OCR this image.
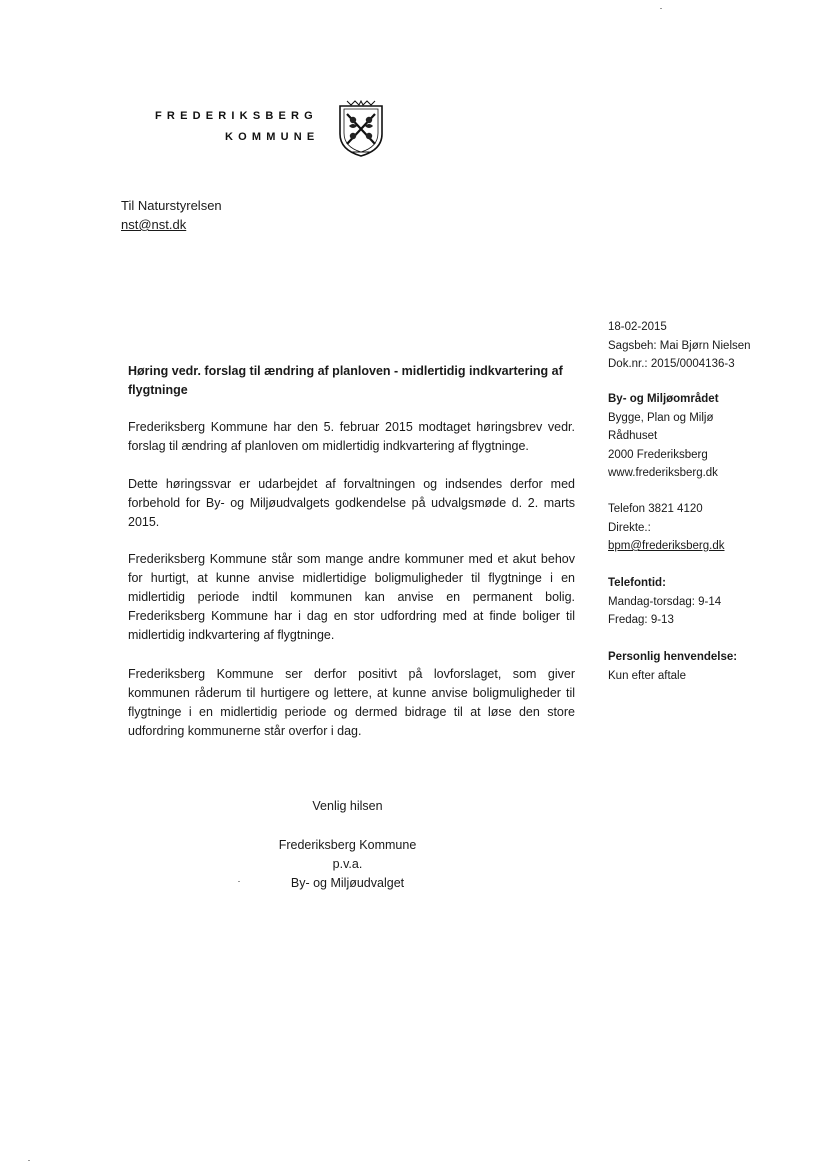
FREDERIKSBERG
KOMMUNE
Til Naturstyrelsen
nst@nst.dk
18-02-2015
Sagsbeh: Mai Bjørn Nielsen
Dok.nr.: 2015/0004136-3
By- og Miljøområdet
Bygge, Plan og Miljø
Rådhuset
2000 Frederiksberg
www.frederiksberg.dk
Telefon 3821 4120
Direkte.:
bpm@frederiksberg.dk
Telefontid:
Mandag-torsdag: 9-14
Fredag: 9-13
Personlig henvendelse:
Kun efter aftale
Høring vedr. forslag til ændring af planloven - midlertidig indkvartering af flygtninge
Frederiksberg Kommune har den 5. februar 2015 modtaget høringsbrev vedr. forslag til ændring af planloven om midlertidig indkvartering af flygtninge.
Dette høringssvar er udarbejdet af forvaltningen og indsendes derfor med forbehold for By- og Miljøudvalgets godkendelse på udvalgsmøde d. 2. marts 2015.
Frederiksberg Kommune står som mange andre kommuner med et akut behov for hurtigt, at kunne anvise midlertidige boligmuligheder til flygtninge i en midlertidig periode indtil kommunen kan anvise en permanent bolig. Frederiksberg Kommune har i dag en stor udfordring med at finde boliger til midlertidig indkvartering af flygtninge.
Frederiksberg Kommune ser derfor positivt på lovforslaget, som giver kommunen råderum til hurtigere og lettere, at kunne anvise boligmuligheder til flygtninge i en midlertidig periode og dermed bidrage til at løse den store udfordring kommunerne står overfor i dag.
Venlig hilsen
Frederiksberg Kommune
p.v.a.
By- og Miljøudvalget
